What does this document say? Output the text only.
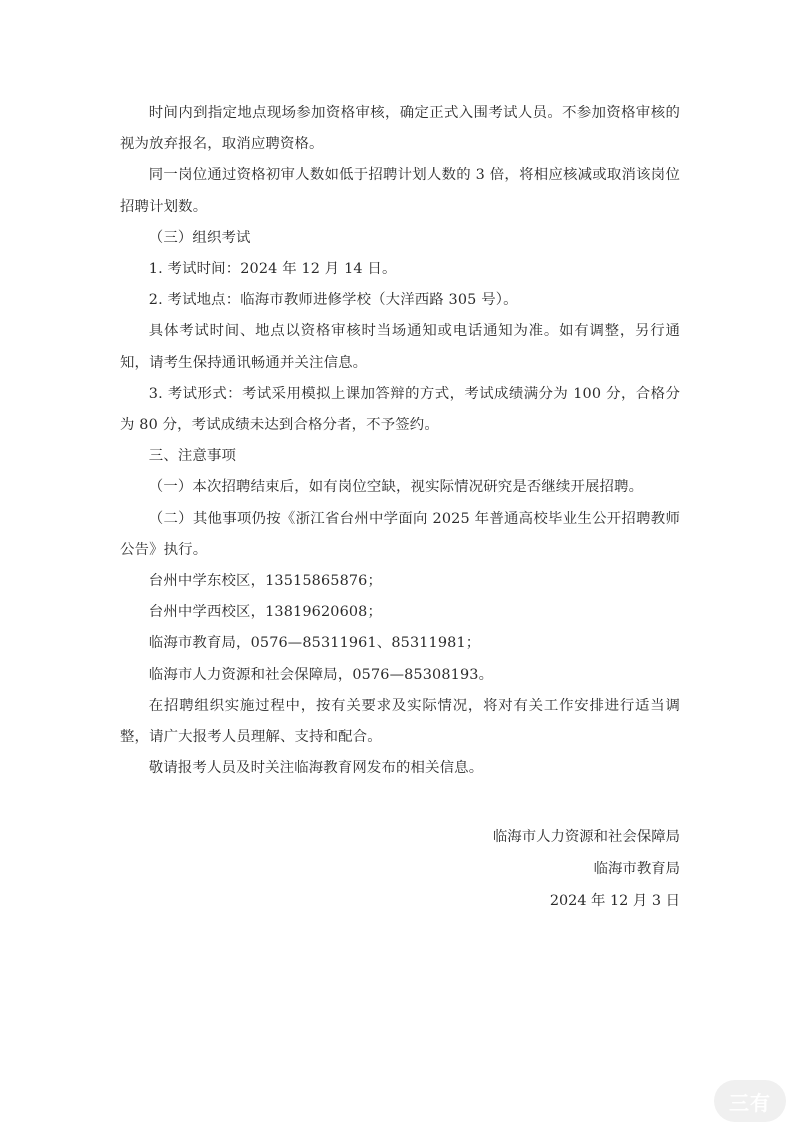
时间内到指定地点现场参加资格审核，确定正式入围考试人员。不参加资格审核的视为放弃报名，取消应聘资格。

同一岗位通过资格初审人数如低于招聘计划人数的 3 倍，将相应核减或取消该岗位招聘计划数。

（三）组织考试

1. 考试时间：2024 年 12 月 14 日。

2. 考试地点：临海市教师进修学校（大洋西路 305 号）。

具体考试时间、地点以资格审核时当场通知或电话通知为准。如有调整，另行通知，请考生保持通讯畅通并关注信息。

3. 考试形式：考试采用模拟上课加答辩的方式，考试成绩满分为 100 分，合格分为 80 分，考试成绩未达到合格分者，不予签约。

三、注意事项

（一）本次招聘结束后，如有岗位空缺，视实际情况研究是否继续开展招聘。

（二）其他事项仍按《浙江省台州中学面向 2025 年普通高校毕业生公开招聘教师公告》执行。

台州中学东校区，13515865876；

台州中学西校区，13819620608；

临海市教育局，0576—85311961、85311981；

临海市人力资源和社会保障局，0576—85308193。

在招聘组织实施过程中，按有关要求及实际情况，将对有关工作安排进行适当调整，请广大报考人员理解、支持和配合。

敬请报考人员及时关注临海教育网发布的相关信息。

临海市人力资源和社会保障局

临海市教育局

2024 年 12 月 3 日

三有
